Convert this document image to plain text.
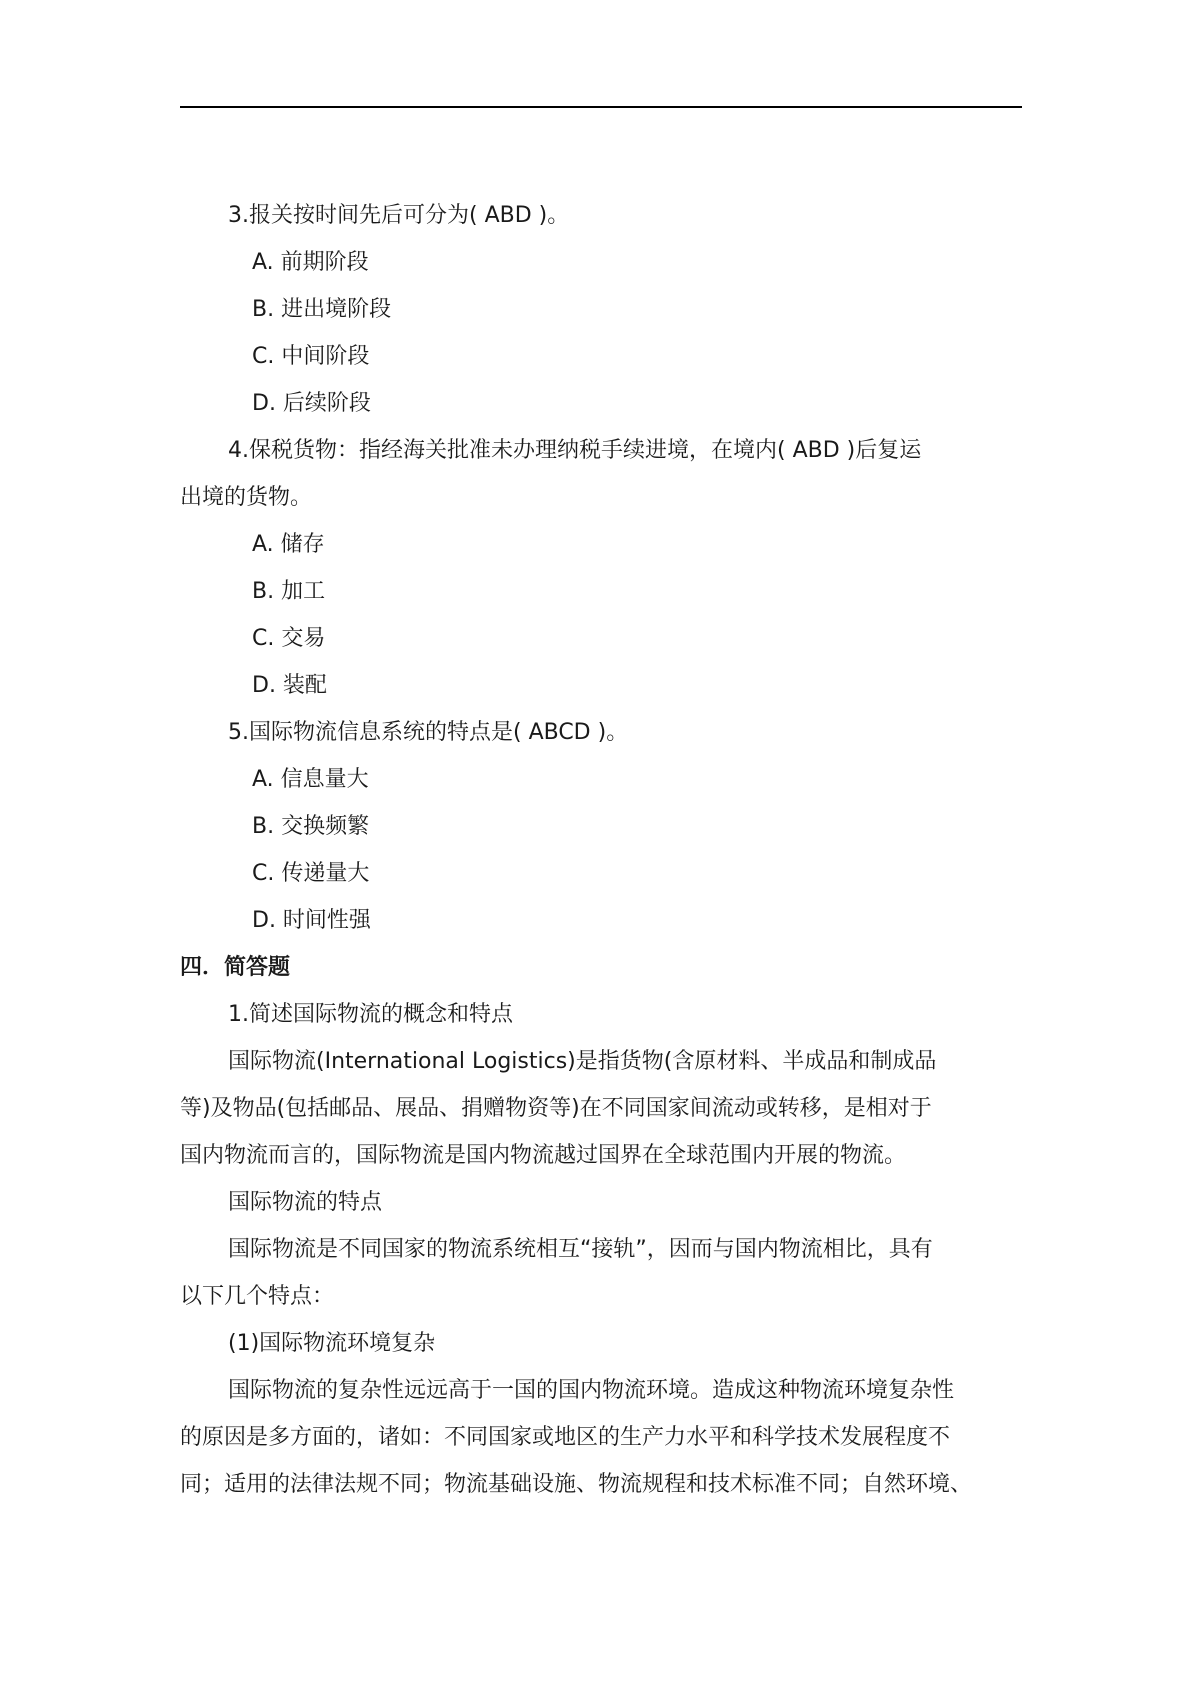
3.报关按时间先后可分为( ABD )。

A. 前期阶段

B. 进出境阶段

C. 中间阶段

D. 后续阶段

4.保税货物：指经海关批准未办理纳税手续进境，在境内( ABD )后复运

出境的货物。

A. 储存

B. 加工

C. 交易

D. 装配

5.国际物流信息系统的特点是( ABCD )。

A. 信息量大

B. 交换频繁

C. 传递量大

D. 时间性强

四．简答题

1.简述国际物流的概念和特点

国际物流(International Logistics)是指货物(含原材料、半成品和制成品

等)及物品(包括邮品、展品、捐赠物资等)在不同国家间流动或转移，是相对于

国内物流而言的，国际物流是国内物流越过国界在全球范围内开展的物流。

国际物流的特点

国际物流是不同国家的物流系统相互“接轨”，因而与国内物流相比，具有

以下几个特点：

(1)国际物流环境复杂

国际物流的复杂性远远高于一国的国内物流环境。造成这种物流环境复杂性

的原因是多方面的，诸如：不同国家或地区的生产力水平和科学技术发展程度不

同；适用的法律法规不同；物流基础设施、物流规程和技术标准不同；自然环境、
